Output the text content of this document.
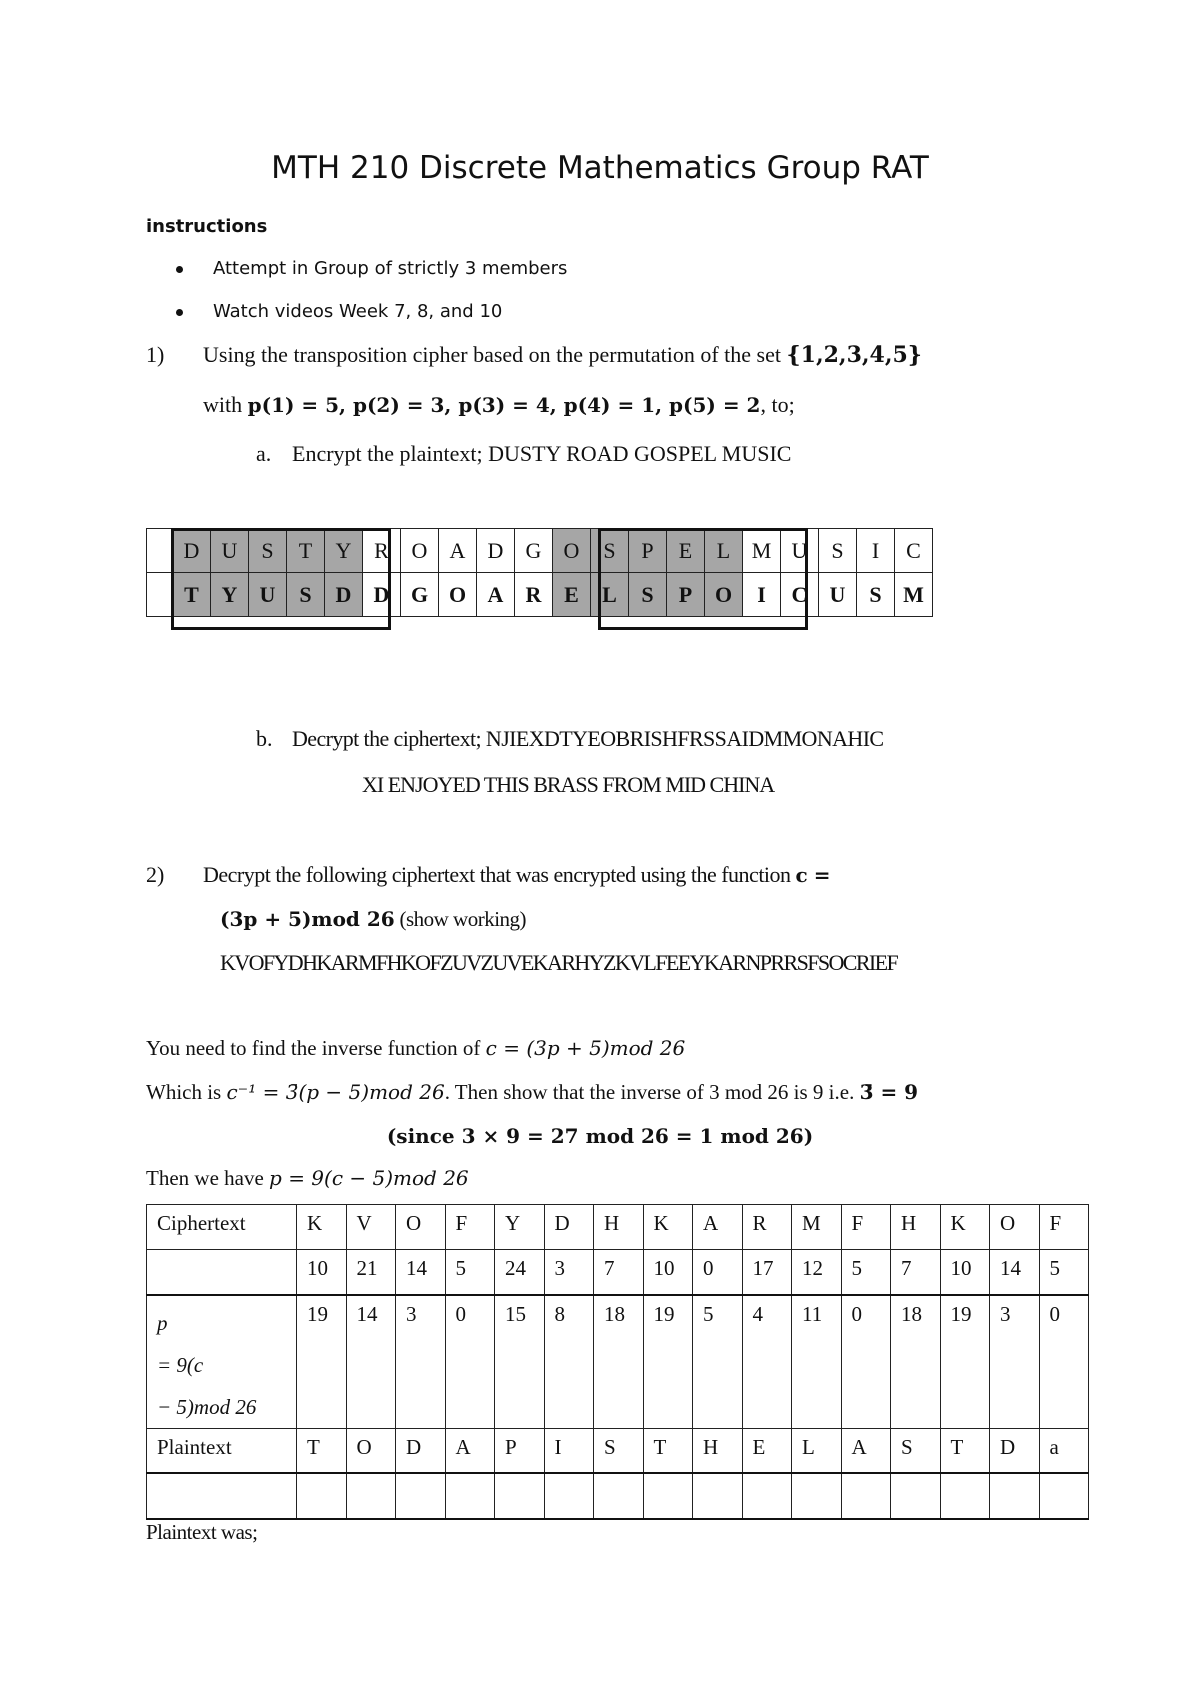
MTH 210 Discrete Mathematics Group RAT
instructions
Attempt in Group of strictly 3 members
Watch videos Week 7, 8, and 10
1) Using the transposition cipher based on the permutation of the set {1,2,3,4,5}
with p(1) = 5, p(2) = 3, p(3) = 4, p(4) = 1, p(5) = 2, to;
a. Encrypt the plaintext; DUSTY ROAD GOSPEL MUSIC
	D	U	S	T	Y	R	O	A	D	G	O	S	P	E	L	M	U	S	I	C
	T	Y	U	S	D	D	G	O	A	R	E	L	S	P	O	I	C	U	S	M
b. Decrypt the ciphertext; NJIEXDTYEOBRISHFRSSAIDMMONAHIC
XI ENJOYED THIS BRASS FROM MID CHINA
2) Decrypt the following ciphertext that was encrypted using the function c =
(3p + 5)mod 26 (show working)
KVOFYDHKARMFHKOFZUVZUVEKARHYZKVLFEEYKARNPRRSFSOCRIEF
You need to find the inverse function of c = (3p + 5)mod 26
Which is c⁻¹ = 3̄(p − 5)mod 26. Then show that the inverse of 3 mod 26 is 9 i.e. 3̄ = 9
(since 3 × 9 = 27 mod 26 = 1 mod 26)
Then we have p = 9(c − 5)mod 26
Ciphertext	K	V	O	F	Y	D	H	K	A	R	M	F	H	K	O	F
	10	21	14	5	24	3	7	10	0	17	12	5	7	10	14	5

p
= 9(c
− 5)mod 26	19	14	3	0	15	8	18	19	5	4	11	0	18	19	3	0
Plaintext	T	O	D	A	P	I	S	T	H	E	L	A	S	T	D	a

Plaintext was;
